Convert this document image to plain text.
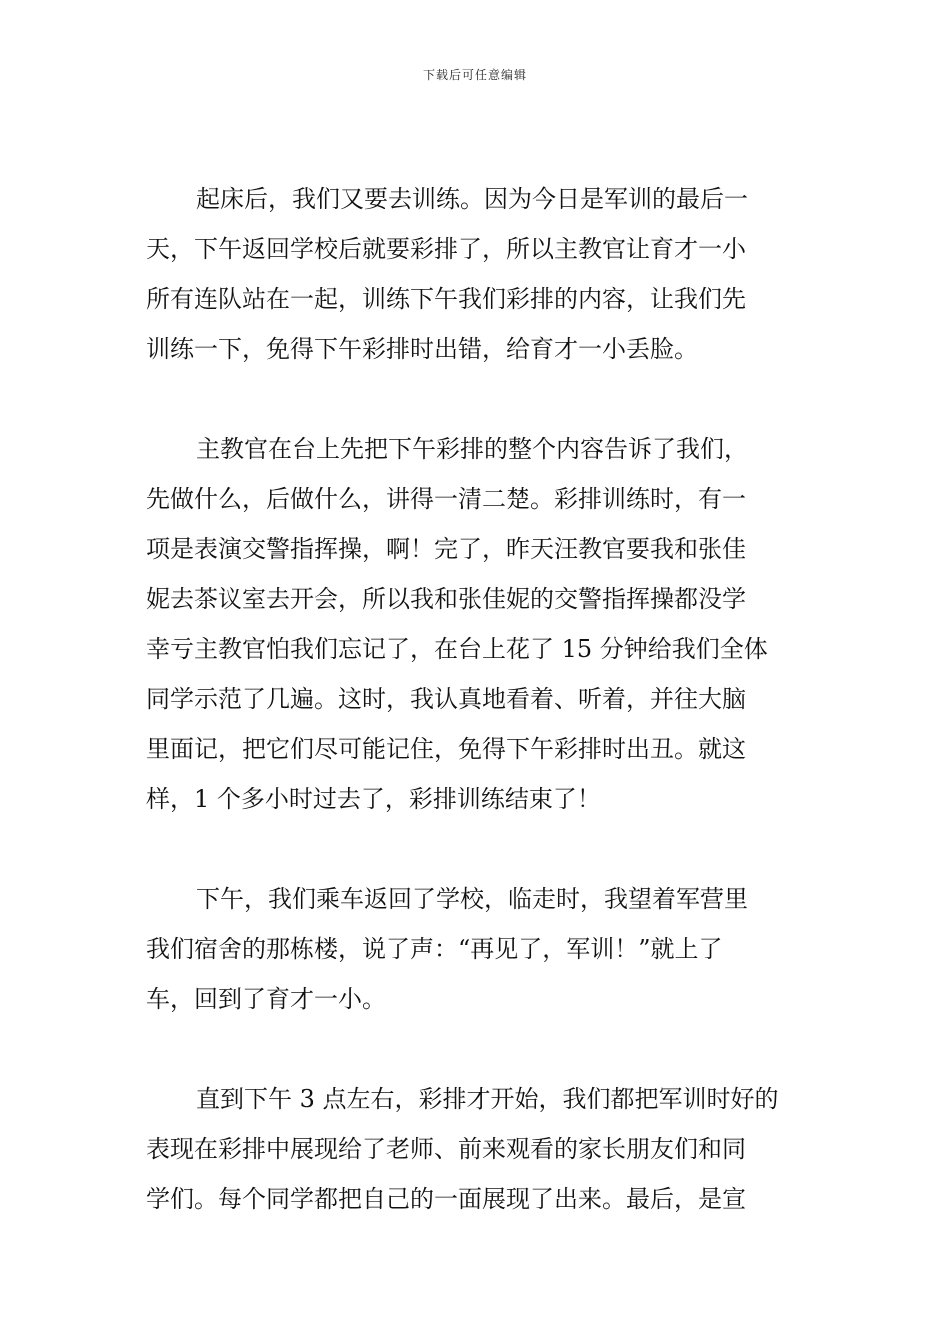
下载后可任意编辑
起床后，我们又要去训练。因为今日是军训的最后一
天，下午返回学校后就要彩排了，所以主教官让育才一小
所有连队站在一起，训练下午我们彩排的内容，让我们先
训练一下，免得下午彩排时出错，给育才一小丢脸。
主教官在台上先把下午彩排的整个内容告诉了我们，
先做什么，后做什么，讲得一清二楚。彩排训练时，有一
项是表演交警指挥操，啊！完了，昨天汪教官要我和张佳
妮去茶议室去开会，所以我和张佳妮的交警指挥操都没学
幸亏主教官怕我们忘记了，在台上花了 15 分钟给我们全体
同学示范了几遍。这时，我认真地看着、听着，并往大脑
里面记，把它们尽可能记住，免得下午彩排时出丑。就这
样，1 个多小时过去了，彩排训练结束了！
下午，我们乘车返回了学校，临走时，我望着军营里
我们宿舍的那栋楼，说了声：“再见了，军训！”就上了
车，回到了育才一小。
直到下午 3 点左右，彩排才开始，我们都把军训时好的
表现在彩排中展现给了老师、前来观看的家长朋友们和同
学们。每个同学都把自己的一面展现了出来。最后，是宣
